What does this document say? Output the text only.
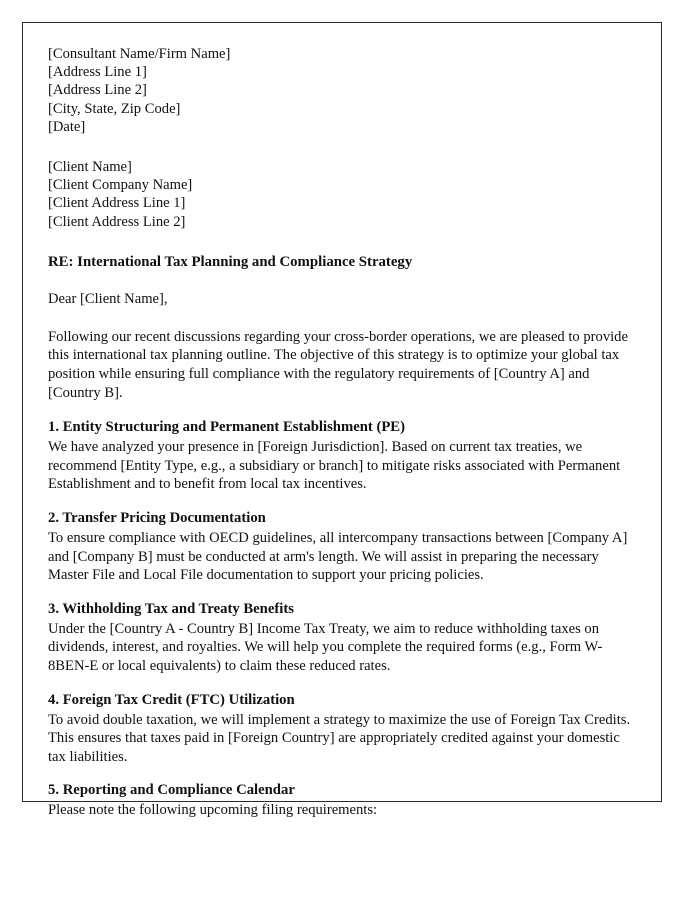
[Consultant Name/Firm Name]
[Address Line 1]
[Address Line 2]
[City, State, Zip Code]
[Date]
[Client Name]
[Client Company Name]
[Client Address Line 1]
[Client Address Line 2]
RE: International Tax Planning and Compliance Strategy
Dear [Client Name],

Following our recent discussions regarding your cross-border operations, we are pleased to provide this international tax planning outline. The objective of this strategy is to optimize your global tax position while ensuring full compliance with the regulatory requirements of [Country A] and [Country B].

1. Entity Structuring and Permanent Establishment (PE)

We have analyzed your presence in [Foreign Jurisdiction]. Based on current tax treaties, we recommend [Entity Type, e.g., a subsidiary or branch] to mitigate risks associated with Permanent Establishment and to benefit from local tax incentives.

2. Transfer Pricing Documentation

To ensure compliance with OECD guidelines, all intercompany transactions between [Company A] and [Company B] must be conducted at arm's length. We will assist in preparing the necessary Master File and Local File documentation to support your pricing policies.

3. Withholding Tax and Treaty Benefits

Under the [Country A - Country B] Income Tax Treaty, we aim to reduce withholding taxes on dividends, interest, and royalties. We will help you complete the required forms (e.g., Form W-8BEN-E or local equivalents) to claim these reduced rates.

4. Foreign Tax Credit (FTC) Utilization

To avoid double taxation, we will implement a strategy to maximize the use of Foreign Tax Credits. This ensures that taxes paid in [Foreign Country] are appropriately credited against your domestic tax liabilities.

5. Reporting and Compliance Calendar

Please note the following upcoming filing requirements:
